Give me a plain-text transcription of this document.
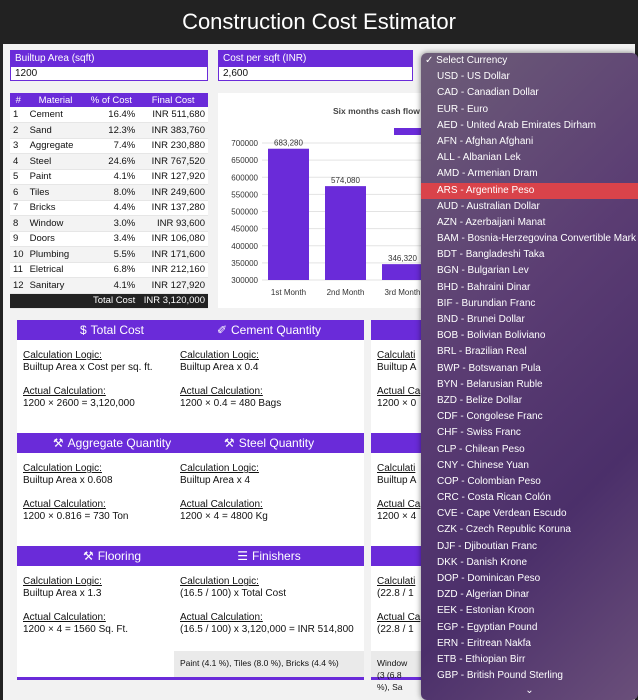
Construction Cost Estimator
Builtup Area (sqft)
1200
Cost per sqft (INR)
2,600
#	Material	% of Cost	Final Cost
1	Cement	16.4%	INR 511,680
2	Sand	12.3%	INR 383,760
3	Aggregate	7.4%	INR 230,880
4	Steel	24.6%	INR 767,520
5	Paint	4.1%	INR 127,920
6	Tiles	8.0%	INR 249,600
7	Bricks	4.4%	INR 137,280
8	Window	3.0%	INR 93,600
9	Doors	3.4%	INR 106,080
10	Plumbing	5.5%	INR 171,600
11	Eletrical	6.8%	INR 212,160
12	Sanitary	4.1%	INR 127,920
		Total Cost	INR 3,120,000
Six months cash flow
700000
650000
600000
550000
500000
450000
400000
350000
300000
683,280
1st Month
574,080
2nd Month
346,320
3rd Month
$ Total Cost
Calculation Logic:
Builtup Area x Cost per sq. ft.
Actual Calculation:
1200 × 2600 = 3,120,000
✐ Cement Quantity
Calculation Logic:
Builtup Area x 0.4
Actual Calculation:
1200 × 0.4 = 480 Bags
Calculati
Builtup A
Actual Ca
1200 × 0
⚒ Aggregate Quantity
Calculation Logic:
Builtup Area x 0.608
Actual Calculation:
1200 × 0.816 = 730 Ton
⚒ Steel Quantity
Calculation Logic:
Builtup Area x 4
Actual Calculation:
1200 × 4 = 4800 Kg
Calculati
Builtup A
Actual Ca
1200 × 4
⚒ Flooring
Calculation Logic:
Builtup Area x 1.3
Actual Calculation:
1200 × 4 = 1560 Sq. Ft.
☰ Finishers
Calculation Logic:
(16.5 / 100) x Total Cost
Actual Calculation:
(16.5 / 100) x 3,120,000 = INR 514,800
Paint (4.1 %), Tiles (8.0 %), Bricks (4.4 %)
Calculati
(22.8 / 1
Actual Ca
(22.8 / 1
Window (3 (6.8 %), Sa
✓ Select Currency
USD - US Dollar
CAD - Canadian Dollar
EUR - Euro
AED - United Arab Emirates Dirham
AFN - Afghan Afghani
ALL - Albanian Lek
AMD - Armenian Dram
ARS - Argentine Peso
AUD - Australian Dollar
AZN - Azerbaijani Manat
BAM - Bosnia-Herzegovina Convertible Mark
BDT - Bangladeshi Taka
BGN - Bulgarian Lev
BHD - Bahraini Dinar
BIF - Burundian Franc
BND - Brunei Dollar
BOB - Bolivian Boliviano
BRL - Brazilian Real
BWP - Botswanan Pula
BYN - Belarusian Ruble
BZD - Belize Dollar
CDF - Congolese Franc
CHF - Swiss Franc
CLP - Chilean Peso
CNY - Chinese Yuan
COP - Colombian Peso
CRC - Costa Rican Colón
CVE - Cape Verdean Escudo
CZK - Czech Republic Koruna
DJF - Djiboutian Franc
DKK - Danish Krone
DOP - Dominican Peso
DZD - Algerian Dinar
EEK - Estonian Kroon
EGP - Egyptian Pound
ERN - Eritrean Nakfa
ETB - Ethiopian Birr
GBP - British Pound Sterling
⌄
